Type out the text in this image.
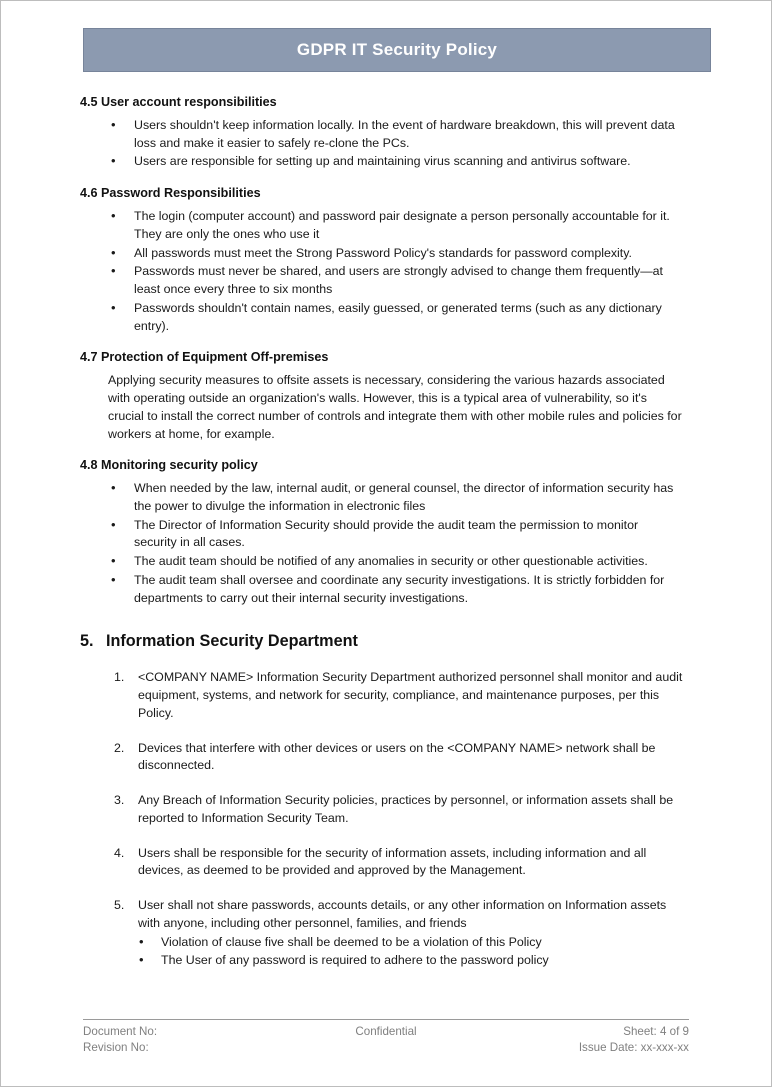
GDPR IT Security Policy
4.5 User account responsibilities
• Users shouldn't keep information locally. In the event of hardware breakdown, this will prevent data loss and make it easier to safely re-clone the PCs.
• Users are responsible for setting up and maintaining virus scanning and antivirus software.
4.6 Password Responsibilities
• The login (computer account) and password pair designate a person personally accountable for it. They are only the ones who use it
• All passwords must meet the Strong Password Policy's standards for password complexity.
• Passwords must never be shared, and users are strongly advised to change them frequently—at least once every three to six months
• Passwords shouldn't contain names, easily guessed, or generated terms (such as any dictionary entry).
4.7 Protection of Equipment Off-premises

Applying security measures to offsite assets is necessary, considering the various hazards associated with operating outside an organization's walls. However, this is a typical area of vulnerability, so it's crucial to install the correct number of controls and integrate them with other mobile rules and policies for workers at home, for example.

4.8 Monitoring security policy
• When needed by the law, internal audit, or general counsel, the director of information security has the power to divulge the information in electronic files
• The Director of Information Security should provide the audit team the permission to monitor security in all cases.
• The audit team should be notified of any anomalies in security or other questionable activities.
• The audit team shall oversee and coordinate any security investigations. It is strictly forbidden for departments to carry out their internal security investigations.
5. Information Security Department
1. <COMPANY NAME> Information Security Department authorized personnel shall monitor and audit equipment, systems, and network for security, compliance, and maintenance purposes, per this Policy.
2. Devices that interfere with other devices or users on the <COMPANY NAME> network shall be disconnected.
3. Any Breach of Information Security policies, practices by personnel, or information assets shall be reported to Information Security Team.
4. Users shall be responsible for the security of information assets, including information and all devices, as deemed to be provided and approved by the Management.
5. User shall not share passwords, accounts details, or any other information on Information assets with anyone, including other personnel, families, and friends
• Violation of clause five shall be deemed to be a violation of this Policy
• The User of any password is required to adhere to the password policy
Document No:	Confidential	Sheet: 4 of 9
Revision No:	Issue Date: xx-xxx-xx
